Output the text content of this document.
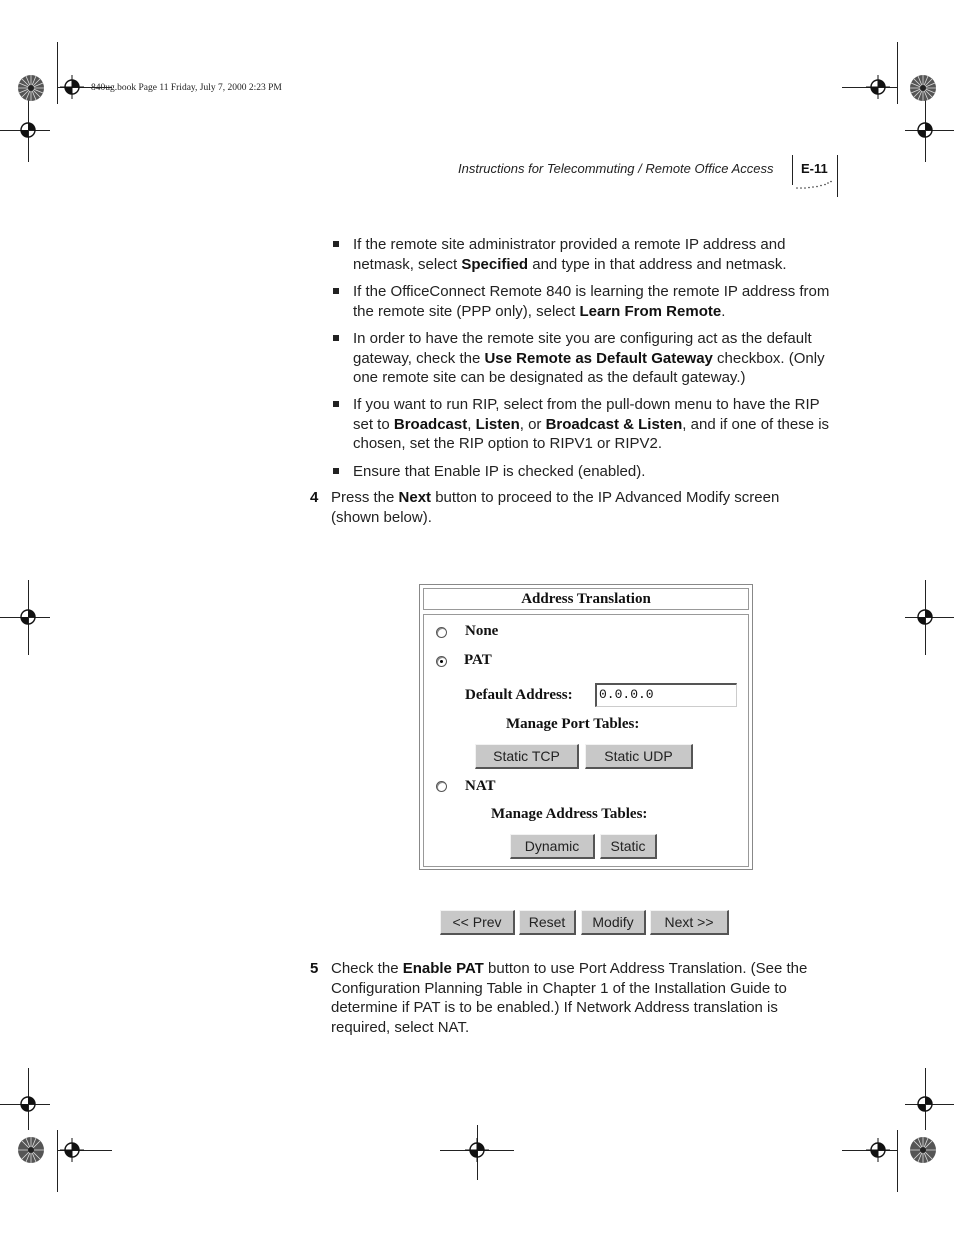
840ug.book Page 11 Friday, July 7, 2000 2:23 PM
Instructions for Telecommuting / Remote Office Access E-11
If the remote site administrator provided a remote IP address and netmask, select Specified and type in that address and netmask.
If the OfficeConnect Remote 840 is learning the remote IP address from the remote site (PPP only), select Learn From Remote.
In order to have the remote site you are configuring act as the default gateway, check the Use Remote as Default Gateway checkbox. (Only one remote site can be designated as the default gateway.)
If you want to run RIP, select from the pull-down menu to have the RIP set to Broadcast, Listen, or Broadcast & Listen, and if one of these is chosen, set the RIP option to RIPV1 or RIPV2.
Ensure that Enable IP is checked (enabled).
4 Press the Next button to proceed to the IP Advanced Modify screen (shown below).
Address Translation
None
PAT
Default Address:	0.0.0.0
Manage Port Tables:
Static TCP	Static UDP
NAT
Manage Address Tables:
Dynamic	Static
<< Prev	Reset	Modify	Next >>
5 Check the Enable PAT button to use Port Address Translation. (See the Configuration Planning Table in Chapter 1 of the Installation Guide to determine if PAT is to be enabled.) If Network Address translation is required, select NAT.
